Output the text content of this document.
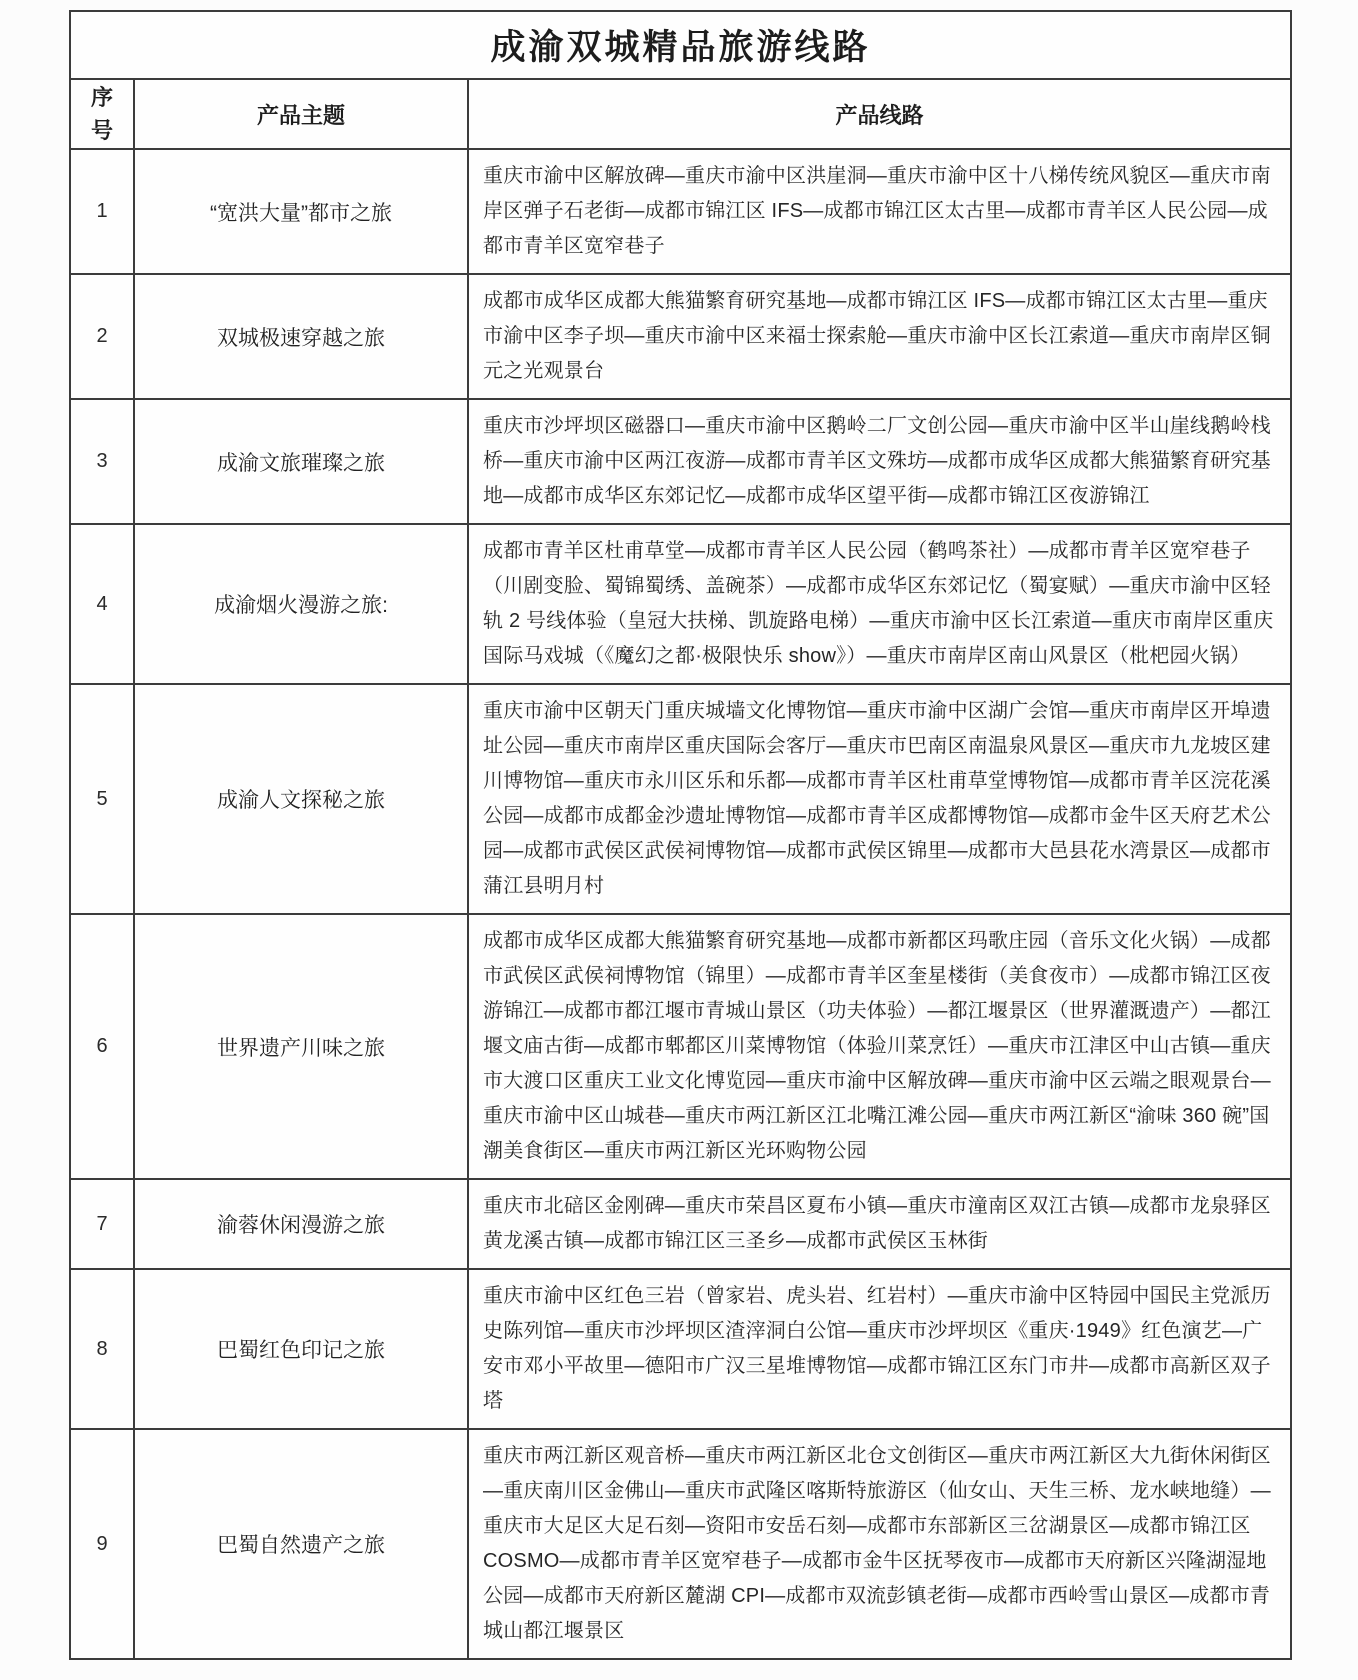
成渝双城精品旅游线路		
序号	产品主题	产品线路
1	“宽洪大量”都市之旅	重庆市渝中区解放碑—重庆市渝中区洪崖洞—重庆市渝中区十八梯传统风貌区—重庆市南岸区弹子石老街—成都市锦江区 IFS—成都市锦江区太古里—成都市青羊区人民公园—成都市青羊区宽窄巷子
2	双城极速穿越之旅	成都市成华区成都大熊猫繁育研究基地—成都市锦江区 IFS—成都市锦江区太古里—重庆市渝中区李子坝—重庆市渝中区来福士探索舱—重庆市渝中区长江索道—重庆市南岸区铜元之光观景台
3	成渝文旅璀璨之旅	重庆市沙坪坝区磁器口—重庆市渝中区鹅岭二厂文创公园—重庆市渝中区半山崖线鹅岭栈桥—重庆市渝中区两江夜游—成都市青羊区文殊坊—成都市成华区成都大熊猫繁育研究基地—成都市成华区东郊记忆—成都市成华区望平街—成都市锦江区夜游锦江
4	成渝烟火漫游之旅:	成都市青羊区杜甫草堂—成都市青羊区人民公园（鹤鸣茶社）—成都市青羊区宽窄巷子（川剧变脸、蜀锦蜀绣、盖碗茶）—成都市成华区东郊记忆（蜀宴赋）—重庆市渝中区轻轨 2 号线体验（皇冠大扶梯、凯旋路电梯）—重庆市渝中区长江索道—重庆市南岸区重庆国际马戏城（《魔幻之都·极限快乐 show》）—重庆市南岸区南山风景区（枇杷园火锅）
5	成渝人文探秘之旅	重庆市渝中区朝天门重庆城墙文化博物馆—重庆市渝中区湖广会馆—重庆市南岸区开埠遗址公园—重庆市南岸区重庆国际会客厅—重庆市巴南区南温泉风景区—重庆市九龙坡区建川博物馆—重庆市永川区乐和乐都—成都市青羊区杜甫草堂博物馆—成都市青羊区浣花溪公园—成都市成都金沙遗址博物馆—成都市青羊区成都博物馆—成都市金牛区天府艺术公园—成都市武侯区武侯祠博物馆—成都市武侯区锦里—成都市大邑县花水湾景区—成都市蒲江县明月村
6	世界遗产川味之旅	成都市成华区成都大熊猫繁育研究基地—成都市新都区玛歌庄园（音乐文化火锅）—成都市武侯区武侯祠博物馆（锦里）—成都市青羊区奎星楼街（美食夜市）—成都市锦江区夜游锦江—成都市都江堰市青城山景区（功夫体验）—都江堰景区（世界灌溉遗产）—都江堰文庙古街—成都市郫都区川菜博物馆（体验川菜烹饪）—重庆市江津区中山古镇—重庆市大渡口区重庆工业文化博览园—重庆市渝中区解放碑—重庆市渝中区云端之眼观景台—重庆市渝中区山城巷—重庆市两江新区江北嘴江滩公园—重庆市两江新区“渝味 360 碗”国潮美食街区—重庆市两江新区光环购物公园
7	渝蓉休闲漫游之旅	重庆市北碚区金刚碑—重庆市荣昌区夏布小镇—重庆市潼南区双江古镇—成都市龙泉驿区黄龙溪古镇—成都市锦江区三圣乡—成都市武侯区玉林街
8	巴蜀红色印记之旅	重庆市渝中区红色三岩（曾家岩、虎头岩、红岩村）—重庆市渝中区特园中国民主党派历史陈列馆—重庆市沙坪坝区渣滓洞白公馆—重庆市沙坪坝区《重庆·1949》红色演艺—广安市邓小平故里—德阳市广汉三星堆博物馆—成都市锦江区东门市井—成都市高新区双子塔
9	巴蜀自然遗产之旅	重庆市两江新区观音桥—重庆市两江新区北仓文创街区—重庆市两江新区大九街休闲街区—重庆南川区金佛山—重庆市武隆区喀斯特旅游区（仙女山、天生三桥、龙水峡地缝）—重庆市大足区大足石刻—资阳市安岳石刻—成都市东部新区三岔湖景区—成都市锦江区 COSMO—成都市青羊区宽窄巷子—成都市金牛区抚琴夜市—成都市天府新区兴隆湖湿地公园—成都市天府新区麓湖 CPI—成都市双流彭镇老街—成都市西岭雪山景区—成都市青城山都江堰景区
